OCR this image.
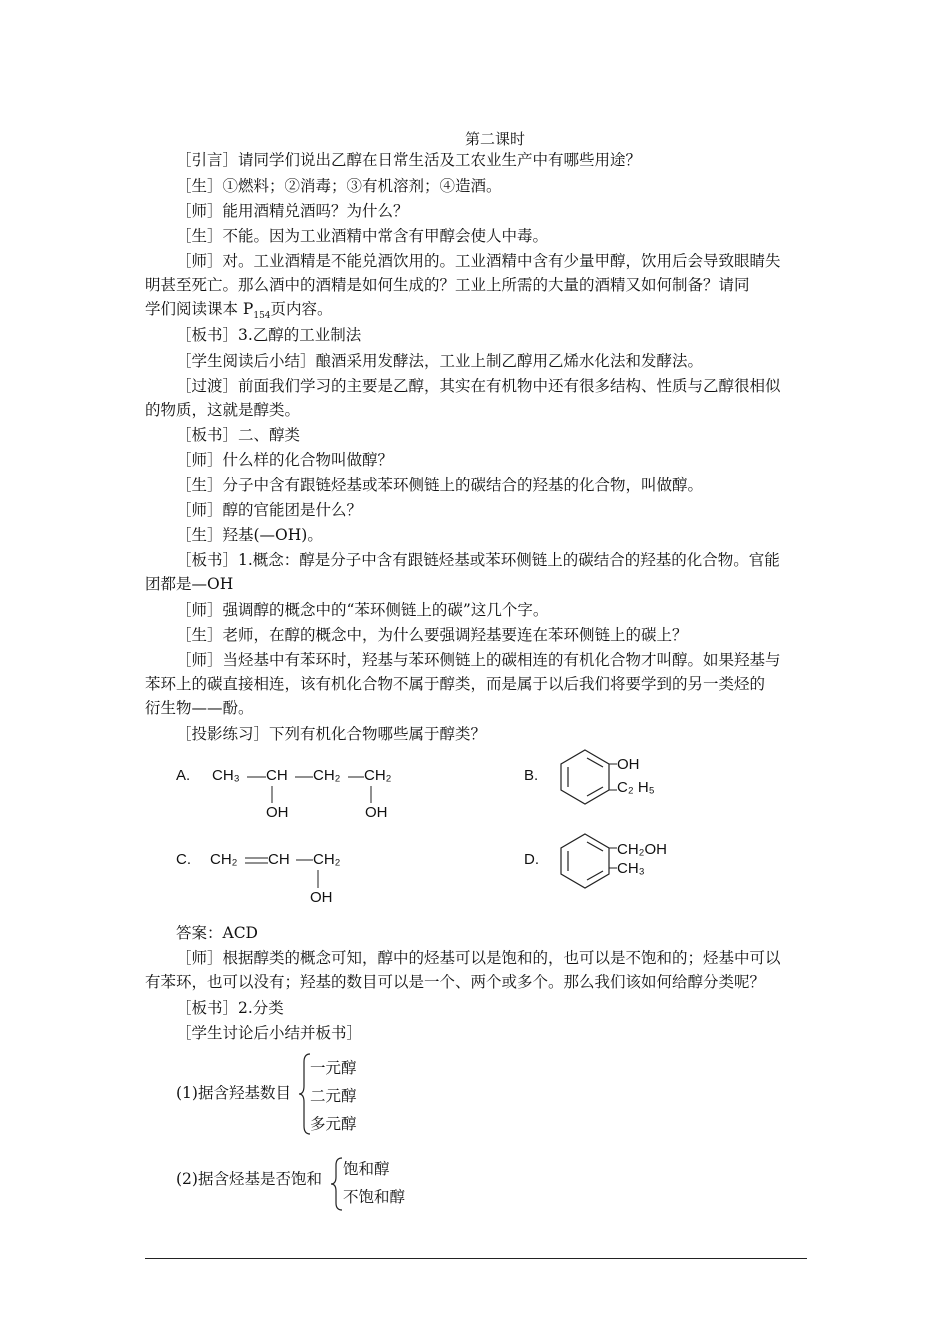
第二课时
［引言］请同学们说出乙醇在日常生活及工农业生产中有哪些用途？
［生］①燃料；②消毒；③有机溶剂；④造酒。
［师］能用酒精兑酒吗？为什么？
［生］不能。因为工业酒精中常含有甲醇会使人中毒。
［师］对。工业酒精是不能兑酒饮用的。工业酒精中含有少量甲醇，饮用后会导致眼睛失
明甚至死亡。那么酒中的酒精是如何生成的？工业上所需的大量的酒精又如何制备？请同
学们阅读课本 $P_{154}$页内容。
［板书］3.乙醇的工业制法
［学生阅读后小结］酿酒采用发酵法，工业上制乙醇用乙烯水化法和发酵法。
［过渡］前面我们学习的主要是乙醇，其实在有机物中还有很多结构、性质与乙醇很相似
的物质，这就是醇类。
［板书］二、醇类
［师］什么样的化合物叫做醇？
［生］分子中含有跟链烃基或苯环侧链上的碳结合的羟基的化合物，叫做醇。
［师］醇的官能团是什么？
［生］羟基(—OH)。
［板书］1.概念：醇是分子中含有跟链烃基或苯环侧链上的碳结合的羟基的化合物。官能
团都是—OH
［师］强调醇的概念中的“苯环侧链上的碳”这几个字。
［生］老师，在醇的概念中，为什么要强调羟基要连在苯环侧链上的碳上？
［师］当烃基中有苯环时，羟基与苯环侧链上的碳相连的有机化合物才叫醇。如果羟基与
苯环上的碳直接相连，该有机化合物不属于醇类，而是属于以后我们将要学到的另一类烃的
衍生物——酚。
［投影练习］下列有机化合物哪些属于醇类？
A. CH₃ CH CH₂ CH₂
OH	OH
B.
OH
C₂ H₅
C. CH₂ CH CH₂
OH
D.
CH₂OH
CH₃
答案：ACD
［师］根据醇类的概念可知，醇中的烃基可以是饱和的，也可以是不饱和的；烃基中可以
有苯环，也可以没有；羟基的数目可以是一个、两个或多个。那么我们该如何给醇分类呢？
［板书］2.分类
［学生讨论后小结并板书］
(1)据含羟基数目
一元醇
二元醇
多元醇
(2)据含烃基是否饱和
饱和醇
不饱和醇
